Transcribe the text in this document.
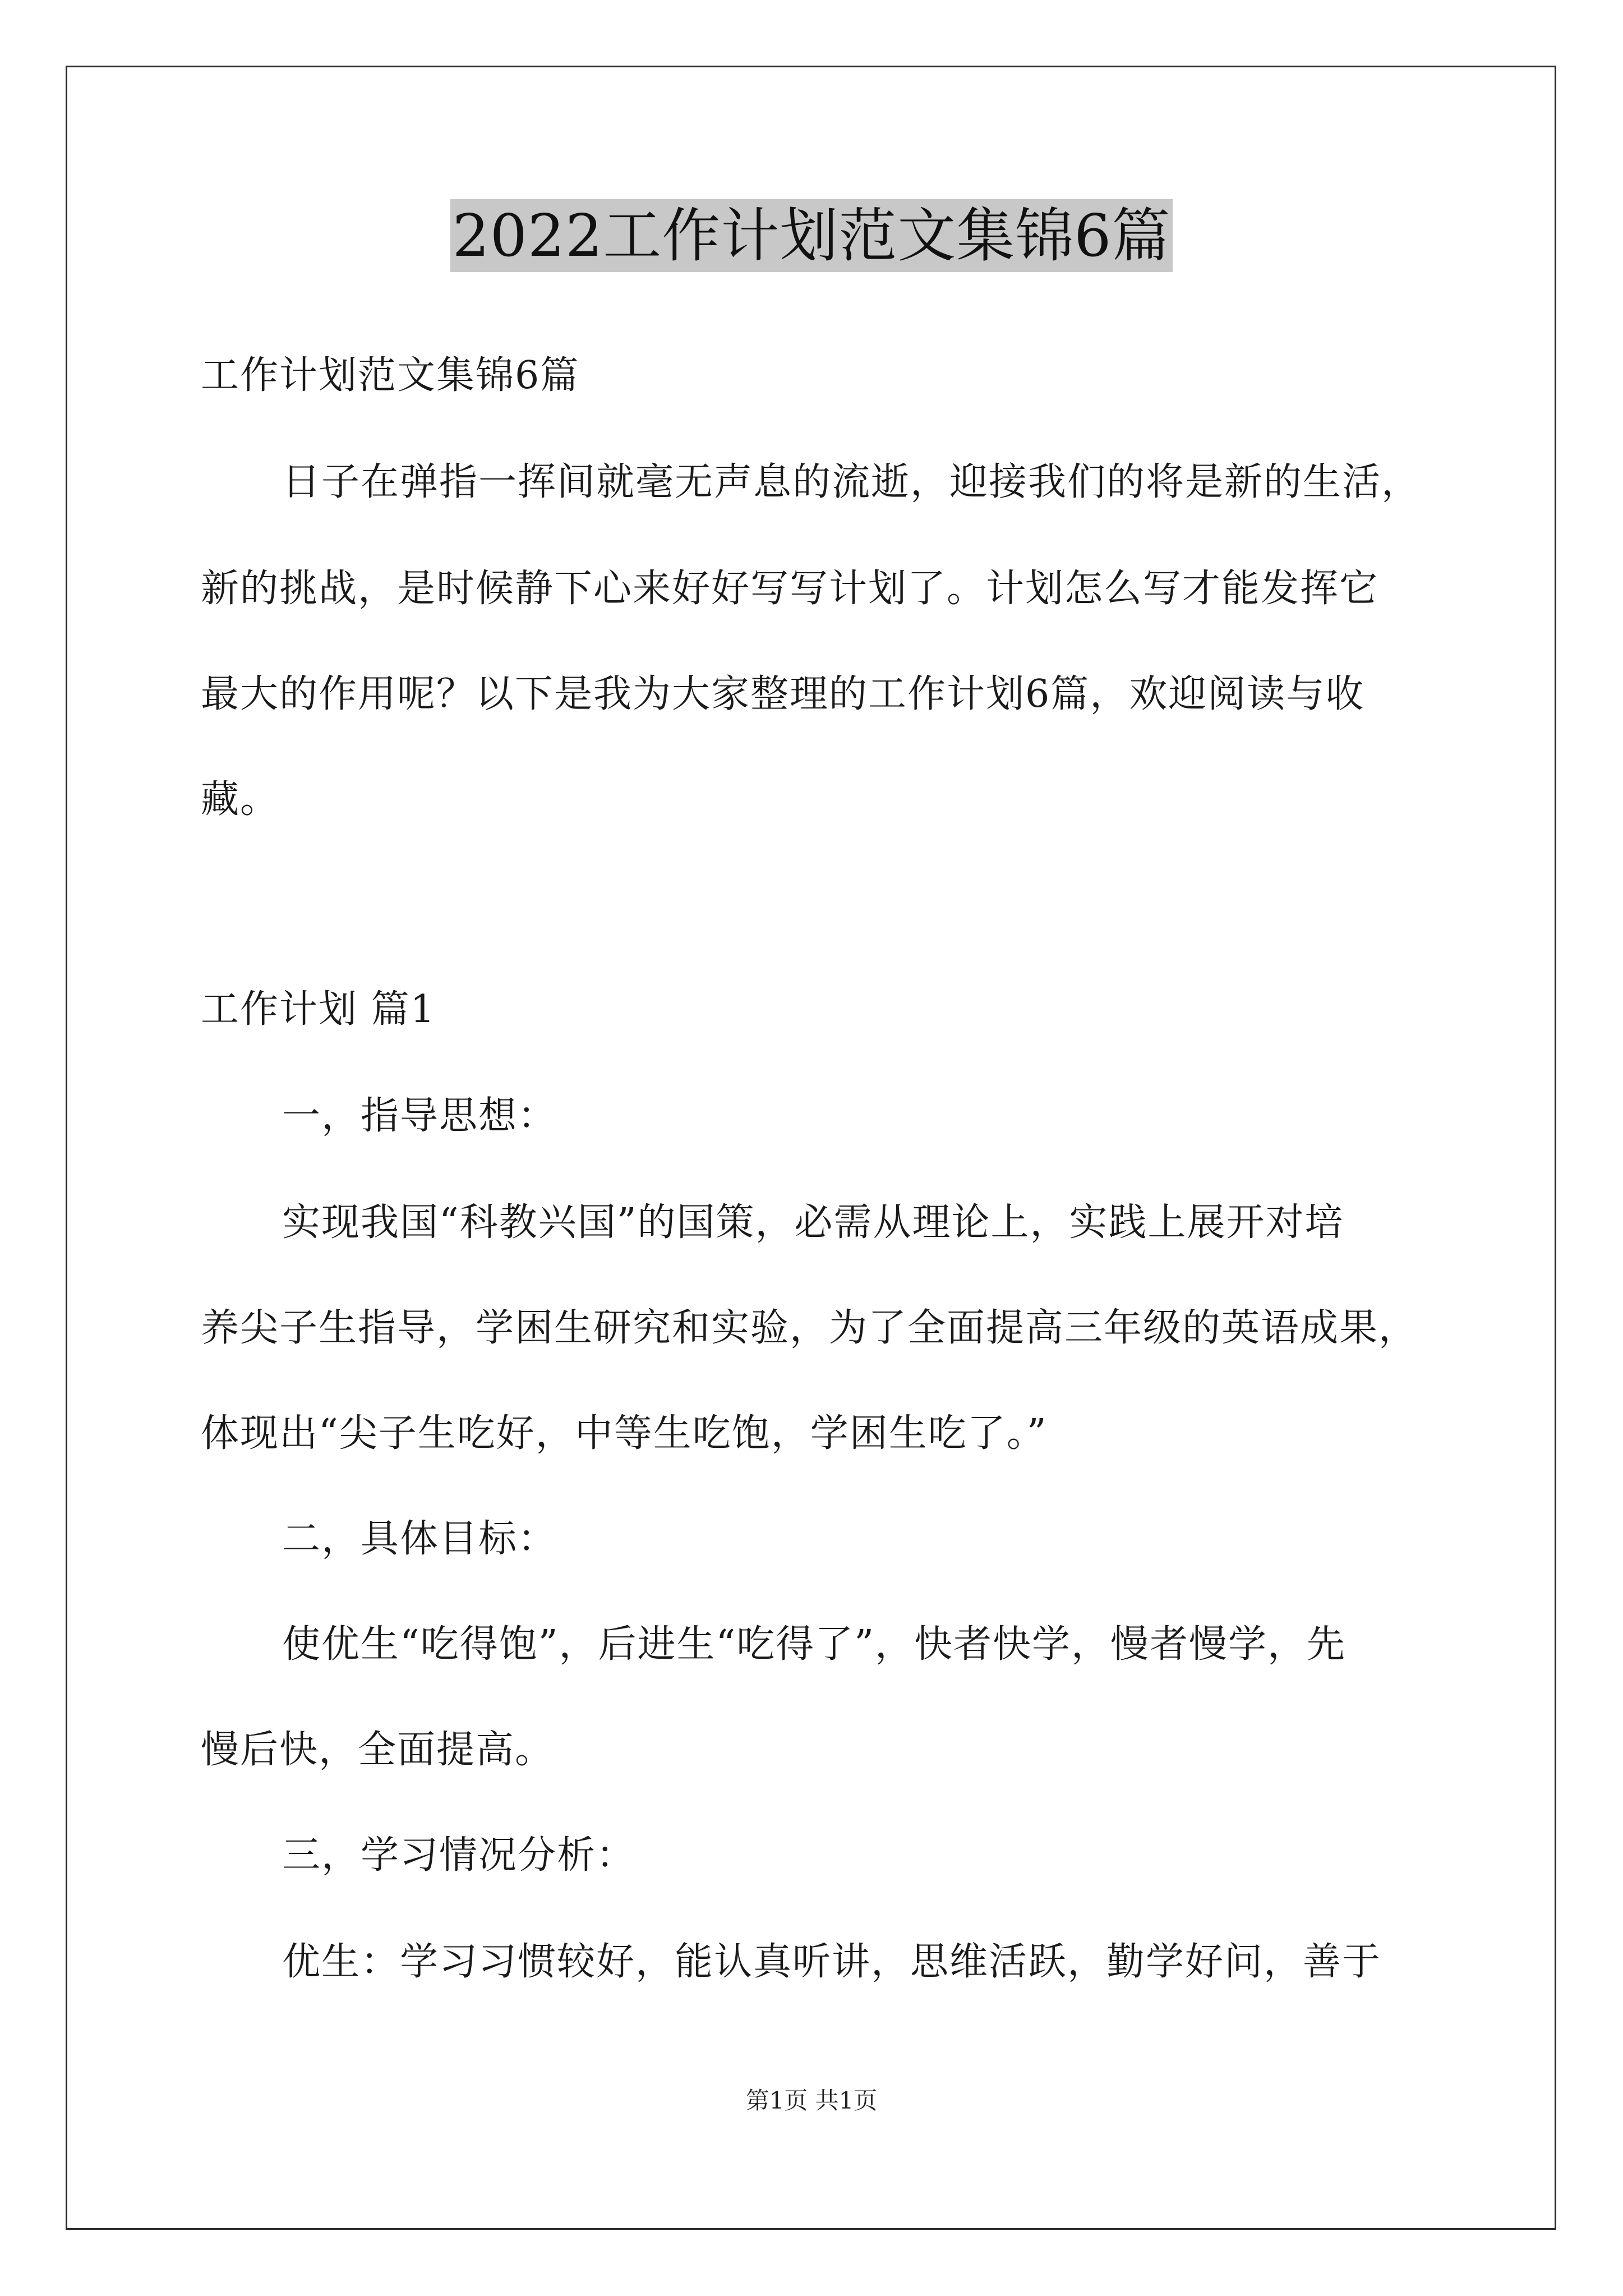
2022工作计划范文集锦6篇
工作计划范文集锦6篇
日子在弹指一挥间就毫无声息的流逝，迎接我们的将是新的生活，
新的挑战，是时候静下心来好好写写计划了。计划怎么写才能发挥它
最大的作用呢？以下是我为大家整理的工作计划6篇，欢迎阅读与收
藏。
工作计划 篇1
一，指导思想：
实现我国“科教兴国”的国策，必需从理论上，实践上展开对培
养尖子生指导，学困生研究和实验，为了全面提高三年级的英语成果，
体现出“尖子生吃好，中等生吃饱，学困生吃了。”
二，具体目标：
使优生“吃得饱”，后进生“吃得了”，快者快学，慢者慢学，先
慢后快，全面提高。
三，学习情况分析：
优生：学习习惯较好，能认真听讲，思维活跃，勤学好问，善于
第1页 共1页
